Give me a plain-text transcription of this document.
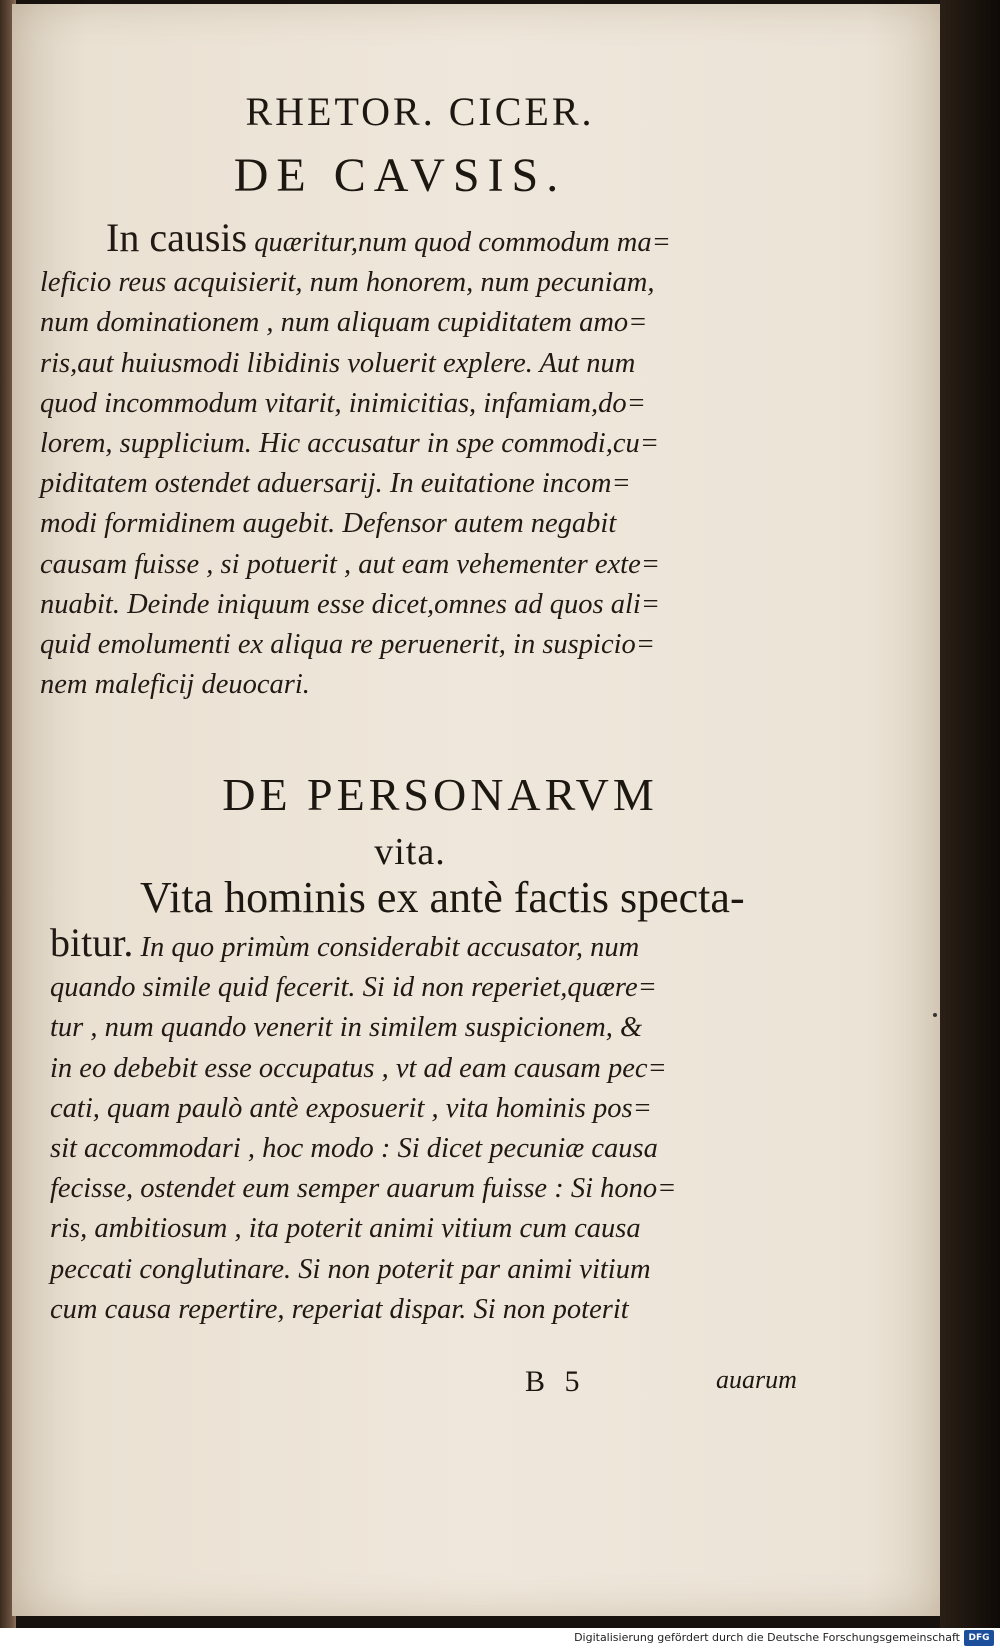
RHETOR. CICER.
DE CAVSIS.
In causis quæritur,num quod commodum ma=
leficio reus acquisierit, num honorem, num pecuniam,
num dominationem , num aliquam cupiditatem amo=
ris,aut huiusmodi libidinis voluerit explere. Aut num
quod incommodum vitarit, inimicitias, infamiam,do=
lorem, supplicium. Hic accusatur in spe commodi,cu=
piditatem ostendet aduersarij. In euitatione incom=
modi formidinem augebit. Defensor autem negabit
causam fuisse , si potuerit , aut eam vehementer exte=
nuabit. Deinde iniquum esse dicet,omnes ad quos ali=
quid emolumenti ex aliqua re peruenerit, in suspicio=
nem maleficij deuocari.
DE PERSONARVM
vita.
Vita hominis ex antè factis specta-
bitur. In quo primùm considerabit accusator, num
quando simile quid fecerit. Si id non reperiet,quære=
tur , num quando venerit in similem suspicionem, &
in eo debebit esse occupatus , vt ad eam causam pec=
cati, quam paulò antè exposuerit , vita hominis pos=
sit accommodari , hoc modo : Si dicet pecuniæ causa
fecisse, ostendet eum semper auarum fuisse : Si hono=
ris, ambitiosum , ita poterit animi vitium cum causa
peccati conglutinare. Si non poterit par animi vitium
cum causa repertire, reperiat dispar. Si non poterit
B 5	auarum
Digitalisierung gefördert durch die Deutsche Forschungsgemeinschaft DFG
